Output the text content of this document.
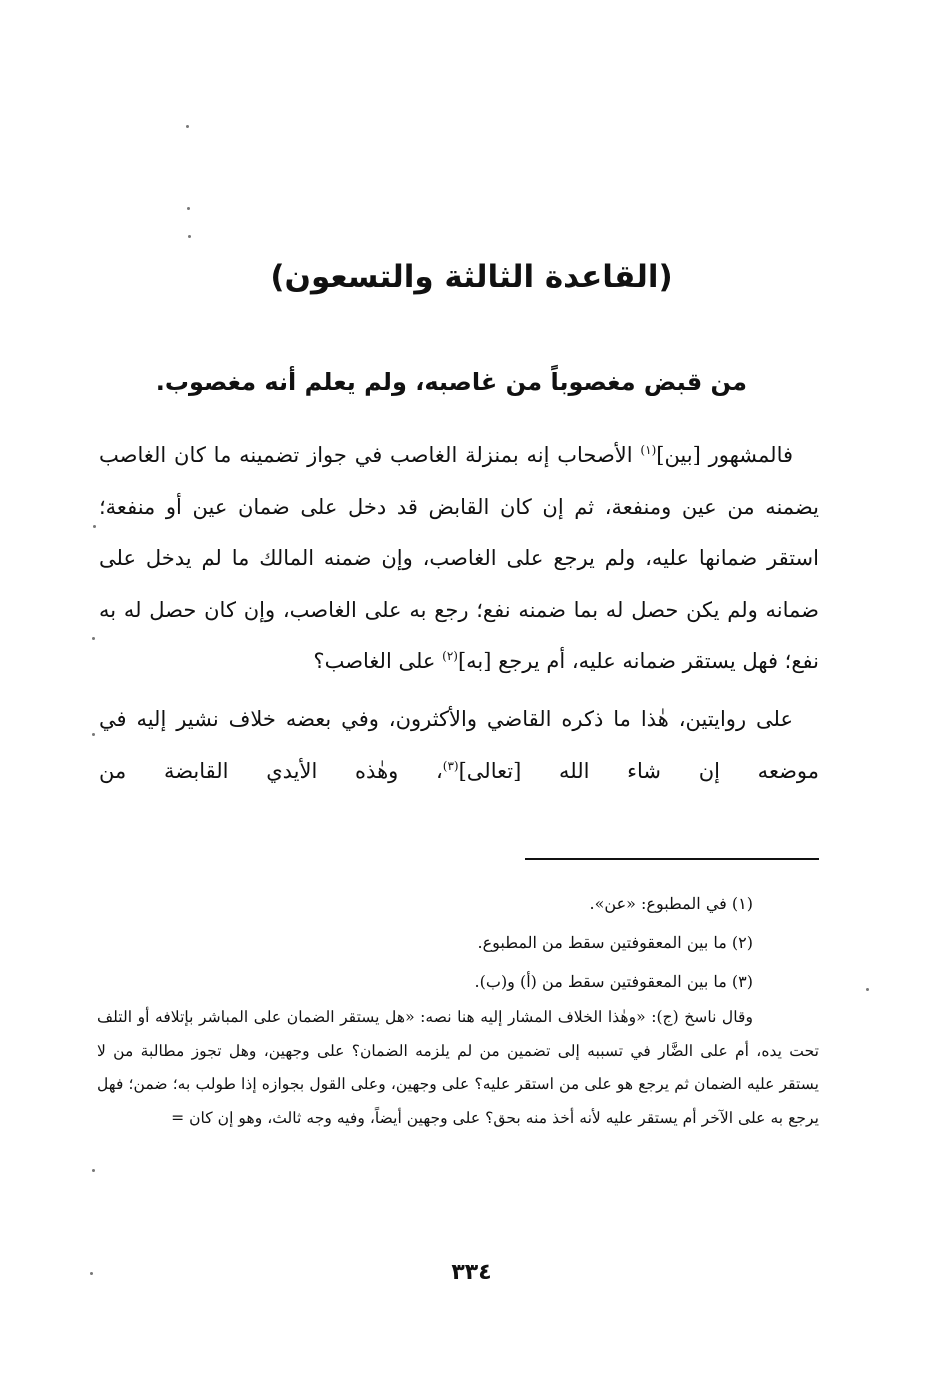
(القاعدة الثالثة والتسعون)
من قبض مغصوباً من غاصبه، ولم يعلم أنه مغصوب.

فالمشهور [بين]$^{(١)}$ الأصحاب إنه بمنزلة الغاصب في جواز تضمينه ما كان الغاصب يضمنه من عين ومنفعة، ثم إن كان القابض قد دخل على ضمان عين أو منفعة؛ استقر ضمانها عليه، ولم يرجع على الغاصب، وإن ضمنه المالك ما لم يدخل على ضمانه ولم يكن حصل له بما ضمنه نفع؛ رجع به على الغاصب، وإن كان حصل له به نفع؛ فهل يستقر ضمانه عليه، أم يرجع [به]$^{(٢)}$ على الغاصب؟

على روايتين، هٰذا ما ذكره القاضي والأكثرون، وفي بعضه خلاف نشير إليه في موضعه إن شاء الله [تعالى]$^{(٣)}$، وهٰذه الأيدي القابضة من

(١) في المطبوع: «عن».

(٢) ما بين المعقوفتين سقط من المطبوع.

(٣) ما بين المعقوفتين سقط من (أ) و(ب).

وقال ناسخ (ج): «وهٰذا الخلاف المشار إليه هنا نصه: «هل يستقر الضمان على المباشر بإتلافه أو التلف تحت يده، أم على الضَّار في تسببه إلى تضمين من لم يلزمه الضمان؟ على وجهين، وهل تجوز مطالبة من لا يستقر عليه الضمان ثم يرجع هو على من استقر عليه؟ على وجهين، وعلى القول بجوازه إذا طولب به؛ ضمن؛ فهل يرجع به على الآخر أم يستقر عليه لأنه أخذ منه بحق؟ على وجهين أيضاً، وفيه وجه ثالث، وهو إن كان =

٣٣٤
